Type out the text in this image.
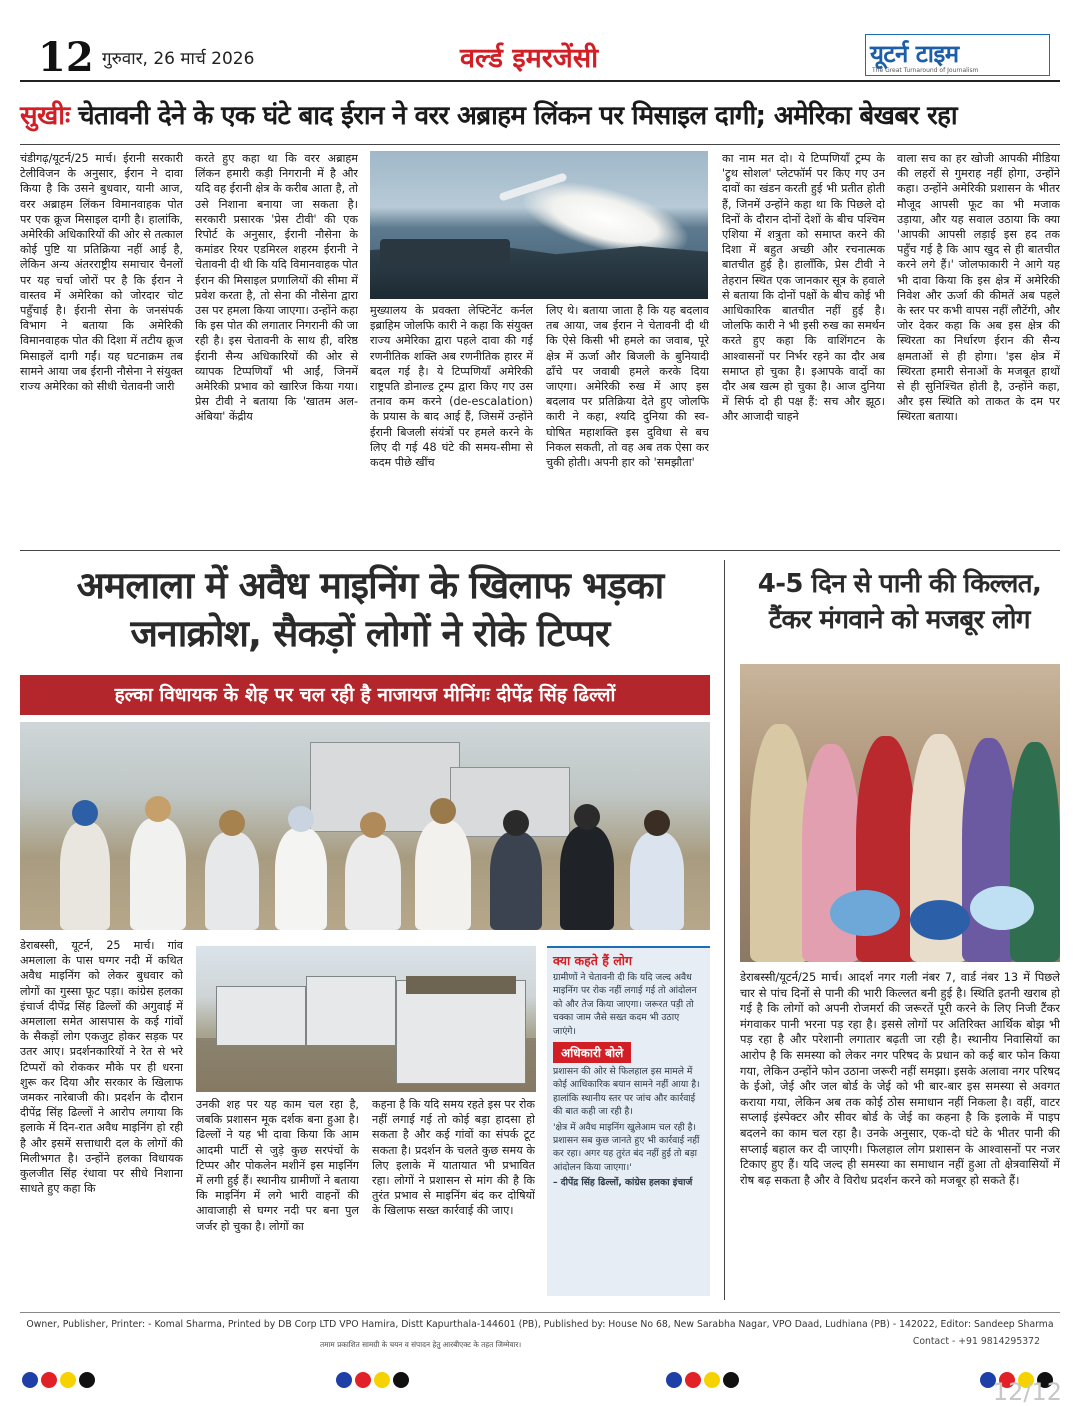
12 गुरुवार, 26 मार्च 2026	वर्ल्ड इमरजेंसी	यूटर्न टाइम
The Great Turnaround of Journalism
सुखीः चेतावनी देने के एक घंटे बाद ईरान ने वरर अब्राहम लिंकन पर मिसाइल दागी; अमेरिका बेखबर रहा

चंडीगढ़/यूटर्न/25 मार्च। ईरानी सरकारी टेलीविजन के अनुसार, ईरान ने दावा किया है कि उसने बुधवार, यानी आज, वरर अब्राहम लिंकन विमानवाहक पोत पर एक क्रूज मिसाइल दागी है। हालांकि, अमेरिकी अधिकारियों की ओर से तत्काल कोई पुष्टि या प्रतिक्रिया नहीं आई है, लेकिन अन्य अंतरराष्ट्रीय समाचार चैनलों पर यह चर्चा जोरों पर है कि ईरान ने वास्तव में अमेरिका को जोरदार चोट पहुँचाई है। ईरानी सेना के जनसंपर्क विभाग ने बताया कि अमेरिकी विमानवाहक पोत की दिशा में तटीय क्रूज मिसाइलें दागी गईं। यह घटनाक्रम तब सामने आया जब ईरानी नौसेना ने संयुक्त राज्य अमेरिका को सीधी चेतावनी जारी

करते हुए कहा था कि वरर अब्राहम लिंकन हमारी कड़ी निगरानी में है और यदि वह ईरानी क्षेत्र के करीब आता है, तो उसे निशाना बनाया जा सकता है। सरकारी प्रसारक 'प्रेस टीवी' की एक रिपोर्ट के अनुसार, ईरानी नौसेना के कमांडर रियर एडमिरल शहरम ईरानी ने चेतावनी दी थी कि यदि विमानवाहक पोत ईरान की मिसाइल प्रणालियों की सीमा में प्रवेश करता है, तो सेना की नौसेना द्वारा उस पर हमला किया जाएगा। उन्होंने कहा कि इस पोत की लगातार निगरानी की जा रही है। इस चेतावनी के साथ ही, वरिष्ठ ईरानी सैन्य अधिकारियों की ओर से व्यापक टिप्पणियाँ भी आईं, जिनमें अमेरिकी प्रभाव को खारिज किया गया। प्रेस टीवी ने बताया कि 'खातम अल-अंबिया' केंद्रीय

मुख्यालय के प्रवक्ता लेफ्टिनेंट कर्नल इब्राहिम जोलफि कारी ने कहा कि संयुक्त राज्य अमेरिका द्वारा पहले दावा की गई रणनीतिक शक्ति अब रणनीतिक हारर में बदल गई है। ये टिप्पणियाँ अमेरिकी राष्ट्रपति डोनाल्ड ट्रम्प द्वारा किए गए उस तनाव कम करने (de-escalation) के प्रयास के बाद आई हैं, जिसमें उन्होंने ईरानी बिजली संयंत्रों पर हमले करने के लिए दी गई 48 घंटे की समय-सीमा से कदम पीछे खींच

लिए थे। बताया जाता है कि यह बदलाव तब आया, जब ईरान ने चेतावनी दी थी कि ऐसे किसी भी हमले का जवाब, पूरे क्षेत्र में ऊर्जा और बिजली के बुनियादी ढाँचे पर जवाबी हमले करके दिया जाएगा। अमेरिकी रुख में आए इस बदलाव पर प्रतिक्रिया देते हुए जोलफि कारी ने कहा, श्यदि दुनिया की स्व-घोषित महाशक्ति इस दुविधा से बच निकल सकती, तो वह अब तक ऐसा कर चुकी होती। अपनी हार को 'समझौता'

का नाम मत दो। ये टिप्पणियाँ ट्रम्प के 'ट्रुथ सोशल' प्लेटफॉर्म पर किए गए उन दावों का खंडन करती हुई भी प्रतीत होती हैं, जिनमें उन्होंने कहा था कि पिछले दो दिनों के दौरान दोनों देशों के बीच पश्चिम एशिया में शत्रुता को समाप्त करने की दिशा में बहुत अच्छी और रचनात्मक बातचीत हुई है। हालाँकि, प्रेस टीवी ने तेहरान स्थित एक जानकार सूत्र के हवाले से बताया कि दोनों पक्षों के बीच कोई भी आधिकारिक बातचीत नहीं हुई है। जोलफि कारी ने भी इसी रुख का समर्थन करते हुए कहा कि वाशिंगटन के आश्वासनों पर निर्भर रहने का दौर अब समाप्त हो चुका है। इआपके वादों का दौर अब खत्म हो चुका है। आज दुनिया में सिर्फ दो ही पक्ष हैं: सच और झूठ। और आजादी चाहने

वाला सच का हर खोजी आपकी मीडिया की लहरों से गुमराह नहीं होगा, उन्होंने कहा। उन्होंने अमेरिकी प्रशासन के भीतर मौजूद आपसी फूट का भी मजाक उड़ाया, और यह सवाल उठाया कि क्या 'आपकी आपसी लड़ाई इस हद तक पहुँच गई है कि आप खुद से ही बातचीत करने लगे हैं।' जोलफाकारी ने आगे यह भी दावा किया कि इस क्षेत्र में अमेरिकी निवेश और ऊर्जा की कीमतें अब पहले के स्तर पर कभी वापस नहीं लौटेंगी, और जोर देकर कहा कि अब इस क्षेत्र की स्थिरता का निर्धारण ईरान की सैन्य क्षमताओं से ही होगा। 'इस क्षेत्र में स्थिरता हमारी सेनाओं के मजबूत हाथों से ही सुनिश्चित होती है, उन्होंने कहा, और इस स्थिति को ताकत के दम पर स्थिरता बताया।

अमलाला में अवैध माइनिंग के खिलाफ भड़का जनाक्रोश, सैकड़ों लोगों ने रोके टिप्पर
हल्का विधायक के शेह पर चल रही है नाजायज मीनिंगः दीपेंद्र सिंह ढिल्लों

डेराबस्सी, यूटर्न, 25 मार्च। गांव अमलाला के पास घग्गर नदी में कथित अवैध माइनिंग को लेकर बुधवार को लोगों का गुस्सा फूट पड़ा। कांग्रेस हलका इंचार्ज दीपेंद्र सिंह ढिल्लों की अगुवाई में अमलाला समेत आसपास के कई गांवों के सैकड़ों लोग एकजुट होकर सड़क पर उतर आए। प्रदर्शनकारियों ने रेत से भरे टिप्परों को रोककर मौके पर ही धरना शुरू कर दिया और सरकार के खिलाफ जमकर नारेबाजी की। प्रदर्शन के दौरान दीपेंद्र सिंह ढिल्लों ने आरोप लगाया कि इलाके में दिन-रात अवैध माइनिंग हो रही है और इसमें सत्ताधारी दल के लोगों की मिलीभगत है। उन्होंने हलका विधायक कुलजीत सिंह रंधावा पर सीधे निशाना साधते हुए कहा कि

उनकी शह पर यह काम चल रहा है, जबकि प्रशासन मूक दर्शक बना हुआ है। ढिल्लों ने यह भी दावा किया कि आम आदमी पार्टी से जुड़े कुछ सरपंचों के टिप्पर और पोकलेन मशीनें इस माइनिंग में लगी हुई हैं। स्थानीय ग्रामीणों ने बताया कि माइनिंग में लगे भारी वाहनों की आवाजाही से घग्गर नदी पर बना पुल जर्जर हो चुका है। लोगों का

कहना है कि यदि समय रहते इस पर रोक नहीं लगाई गई तो कोई बड़ा हादसा हो सकता है और कई गांवों का संपर्क टूट सकता है। प्रदर्शन के चलते कुछ समय के लिए इलाके में यातायात भी प्रभावित रहा। लोगों ने प्रशासन से मांग की है कि तुरंत प्रभाव से माइनिंग बंद कर दोषियों के खिलाफ सख्त कार्रवाई की जाए।

क्या कहते हैं लोग
ग्रामीणों ने चेतावनी दी कि यदि जल्द अवैध माइनिंग पर रोक नहीं लगाई गई तो आंदोलन को और तेज किया जाएगा। जरूरत पड़ी तो चक्का जाम जैसे सख्त कदम भी उठाए जाएंगे।
अधिकारी बोले
प्रशासन की ओर से फिलहाल इस मामले में कोई आधिकारिक बयान सामने नहीं आया है। हालांकि स्थानीय स्तर पर जांच और कार्रवाई की बात कही जा रही है।
'क्षेत्र में अवैध माइनिंग खुलेआम चल रही है। प्रशासन सब कुछ जानते हुए भी कार्रवाई नहीं कर रहा। अगर यह तुरंत बंद नहीं हुई तो बड़ा आंदोलन किया जाएगा।'
– दीपेंद्र सिंह ढिल्लों, कांग्रेस हलका इंचार्ज
4-5 दिन से पानी की किल्लत, टैंकर मंगवाने को मजबूर लोग

डेराबस्सी/यूटर्न/25 मार्च। आदर्श नगर गली नंबर 7, वार्ड नंबर 13 में पिछले चार से पांच दिनों से पानी की भारी किल्लत बनी हुई है। स्थिति इतनी खराब हो गई है कि लोगों को अपनी रोजमर्रा की जरूरतें पूरी करने के लिए निजी टैंकर मंगवाकर पानी भरना पड़ रहा है। इससे लोगों पर अतिरिक्त आर्थिक बोझ भी पड़ रहा है और परेशानी लगातार बढ़ती जा रही है। स्थानीय निवासियों का आरोप है कि समस्या को लेकर नगर परिषद के प्रधान को कई बार फोन किया गया, लेकिन उन्होंने फोन उठाना जरूरी नहीं समझा। इसके अलावा नगर परिषद के ईओ, जेई और जल बोर्ड के जेई को भी बार-बार इस समस्या से अवगत कराया गया, लेकिन अब तक कोई ठोस समाधान नहीं निकला है। वहीं, वाटर सप्लाई इंस्पेक्टर और सीवर बोर्ड के जेई का कहना है कि इलाके में पाइप बदलने का काम चल रहा है। उनके अनुसार, एक-दो घंटे के भीतर पानी की सप्लाई बहाल कर दी जाएगी। फिलहाल लोग प्रशासन के आश्वासनों पर नजर टिकाए हुए हैं। यदि जल्द ही समस्या का समाधान नहीं हुआ तो क्षेत्रवासियों में रोष बढ़ सकता है और वे विरोध प्रदर्शन करने को मजबूर हो सकते हैं।

Owner, Publisher, Printer: - Komal Sharma, Printed by DB Corp LTD VPO Hamira, Distt Kapurthala-144601 (PB), Published by: House No 68, New Sarabha Nagar, VPO Daad, Ludhiana (PB) - 142022, Editor: Sandeep Sharma
तमाम प्रकाशित सामग्री के चयन व संपादन हेतु आरबीएक्ट के तहत जिम्मेवार।	Contact - +91 9814295372
12/12
